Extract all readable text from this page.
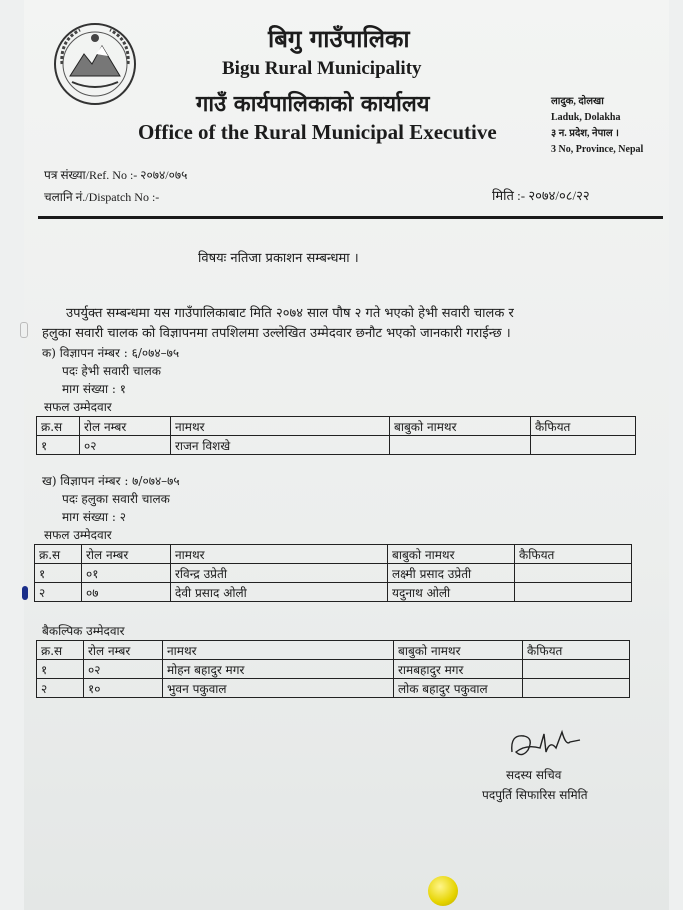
बिगु गाउँपालिका
Bigu Rural Municipality
गाउँ कार्यपालिकाको कार्यालय
Office of the Rural Municipal Executive
लादुक, दोलखा
Laduk, Dolakha
३ न. प्रदेश, नेपाल ।
3 No, Province, Nepal
पत्र संख्या/Ref. No :- २०७४/०७५
चलानि नं./Dispatch No :-	मिति :- २०७४/०८/२२
विषयः नतिजा प्रकाशन सम्बन्धमा ।
उपर्युक्त सम्बन्धमा यस गाउँपालिकाबाट मिति २०७४ साल पौष २ गते भएको हेभी सवारी चालक र
हलुका सवारी चालक को विज्ञापनमा तपशिलमा उल्लेखित उम्मेदवार छनौट भएको जानकारी गराईन्छ ।
क) विज्ञापन नंम्बर : ६/०७४–७५
पदः हेभी सवारी चालक
माग संख्या : १
सफल उम्मेदवार
क्र.स	रोल नम्बर	नामथर	बाबुको नामथर	कैफियत
१	०२	राजन विशखे		
ख) विज्ञापन नंम्बर : ७/०७४–७५
पदः हलुका सवारी चालक
माग संख्या : २
सफल उम्मेदवार
क्र.स	रोल नम्बर	नामथर	बाबुको नामथर	कैफियत
१	०१	रविन्द्र उप्रेती	लक्ष्मी प्रसाद उप्रेती	
२	०७	देवी प्रसाद ओली	यदुनाथ ओली	
बैकल्पिक उम्मेदवार
क्र.स	रोल नम्बर	नामथर	बाबुको नामथर	कैफियत
१	०२	मोहन बहादुर मगर	रामबहादुर मगर	
२	१०	भुवन पकुवाल	लोक बहादुर पकुवाल	
सदस्य सचिव
पदपुर्ति सिफारिस समिति
